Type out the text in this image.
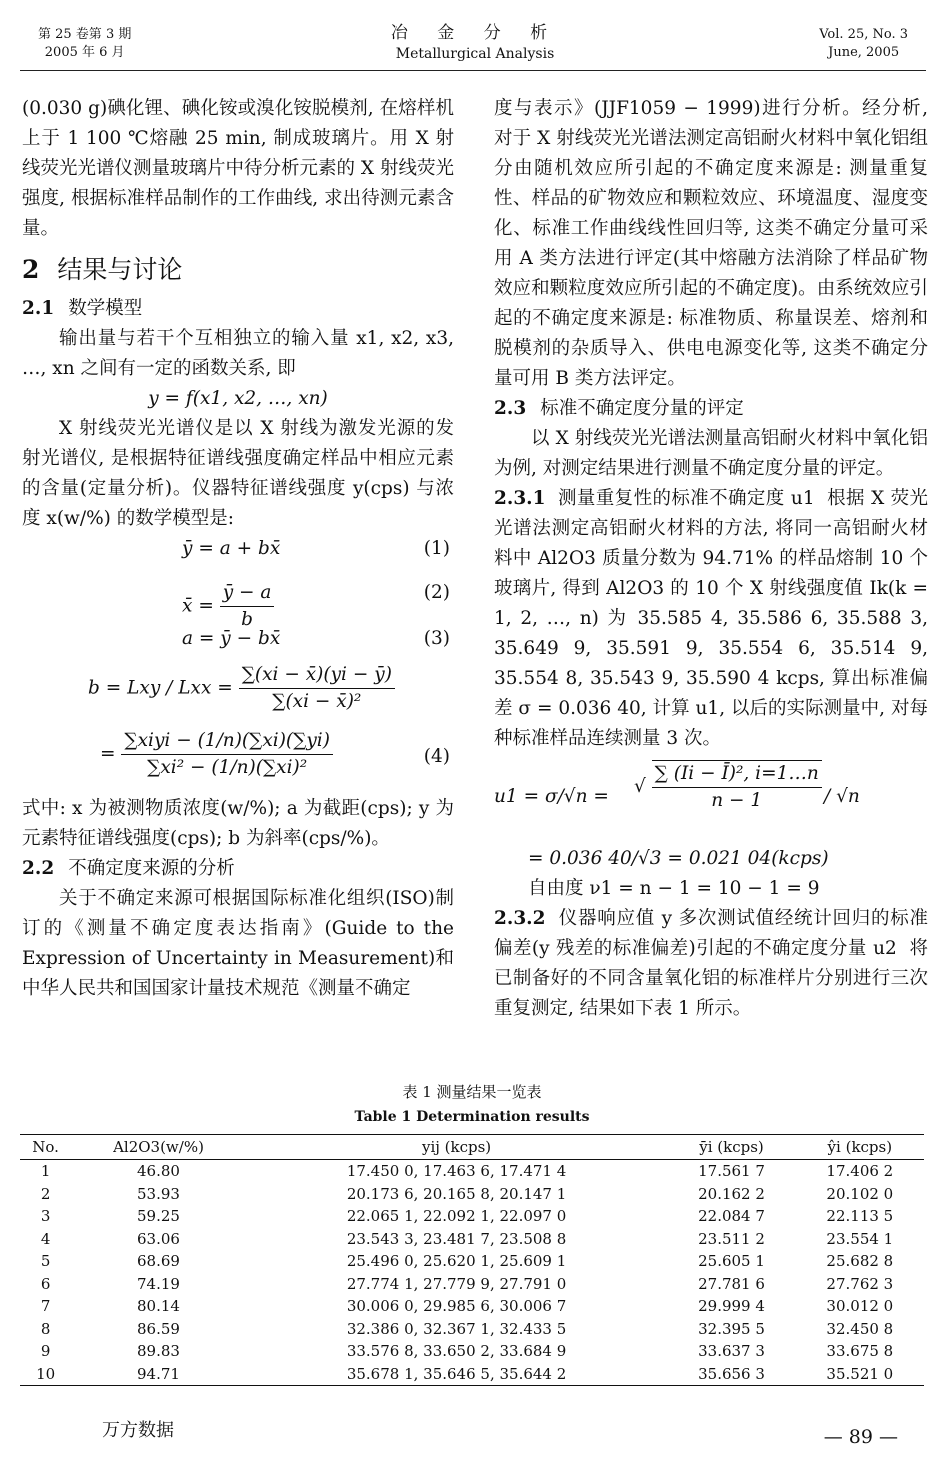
第 25 卷第 3 期
2005 年 6 月
冶 金 分 析
Metallurgical Analysis
Vol. 25, No. 3
June, 2005

(0.030 g)碘化锂、碘化铵或溴化铵脱模剂, 在熔样机上于 1 100 ℃熔融 25 min, 制成玻璃片。用 X 射线荧光光谱仪测量玻璃片中待分析元素的 X 射线荧光强度, 根据标准样品制作的工作曲线, 求出待测元素含量。

2 结果与讨论

2.1 数学模型

输出量与若干个互相独立的输入量 x1, x2, x3, …, xn 之间有一定的函数关系, 即

y = f(x1, x2, …, xn)

X 射线荧光光谱仪是以 X 射线为激发光源的发射光谱仪, 是根据特征谱线强度确定样品中相应元素的含量(定量分析)。仪器特征谱线强度 y(cps) 与浓度 x(w/%) 的数学模型是:

ȳ = a + bx̄	(1)
x̄ = $\frac{ȳ - a}{b}$	(2)
a = ȳ − bx̄	(3)
b = Lxy / Lxx = $\frac{\sum(xi - x̄)(yi - ȳ)}{\text{∑(xi − x̄)²}}$
= $\frac{\text{∑xiyi − (1/n)(∑xi)(∑yi)}}{\text{∑xi² − (1/n)(∑xi)²}}$	(4)

式中: x 为被测物质浓度(w/%); a 为截距(cps); y 为元素特征谱线强度(cps); b 为斜率(cps/%)。

2.2 不确定度来源的分析

关于不确定来源可根据国际标准化组织(ISO)制订的《测量不确定度表达指南》(Guide to the Expression of Uncertainty in Measurement)和中华人民共和国国家计量技术规范《测量不确定

度与表示》(JJF1059 − 1999)进行分析。经分析, 对于 X 射线荧光光谱法测定高铝耐火材料中氧化铝组分由随机效应所引起的不确定度来源是: 测量重复性、样品的矿物效应和颗粒效应、环境温度、湿度变化、标准工作曲线线性回归等, 这类不确定分量可采用 A 类方法进行评定(其中熔融方法消除了样品矿物效应和颗粒度效应所引起的不确定度)。由系统效应引起的不确定度来源是: 标准物质、称量误差、熔剂和脱模剂的杂质导入、供电电源变化等, 这类不确定分量可用 B 类方法评定。

2.3 标准不确定度分量的评定

以 X 射线荧光光谱法测量高铝耐火材料中氧化铝为例, 对测定结果进行测量不确定度分量的评定。

2.3.1 测量重复性的标准不确定度 u1 根据 X 荧光光谱法测定高铝耐火材料的方法, 将同一高铝耐火材料中 Al2O3 质量分数为 94.71% 的样品熔制 10 个玻璃片, 得到 Al2O3 的 10 个 X 射线强度值 Ik(k = 1, 2, …, n) 为 35.585 4, 35.586 6, 35.588 3, 35.649 9, 35.591 9, 35.554 6, 35.514 9, 35.554 8, 35.543 9, 35.590 4 kcps, 算出标准偏差 σ = 0.036 40, 计算 u1, 以后的实际测量中, 对每种标准样品连续测量 3 次。

u1 = σ/√n = √ $\frac{\text{∑ (Ii − Ī)², i=1…n}}{n - 1} / √n$

= 0.036 40/√3 = 0.021 04(kcps)

自由度 ν1 = n − 1 = 10 − 1 = 9

2.3.2 仪器响应值 y 多次测试值经统计回归的标准偏差(y 残差的标准偏差)引起的不确定度分量 u2 将已制备好的不同含量氧化铝的标准样片分别进行三次重复测定, 结果如下表 1 所示。

表 1 测量结果一览表
Table 1 Determination results
No.	Al2O3(w/%)	yij (kcps)	ȳi (kcps)	ŷi (kcps)
1	46.80	17.450 0, 17.463 6, 17.471 4	17.561 7	17.406 2
2	53.93	20.173 6, 20.165 8, 20.147 1	20.162 2	20.102 0
3	59.25	22.065 1, 22.092 1, 22.097 0	22.084 7	22.113 5
4	63.06	23.543 3, 23.481 7, 23.508 8	23.511 2	23.554 1
5	68.69	25.496 0, 25.620 1, 25.609 1	25.605 1	25.682 8
6	74.19	27.774 1, 27.779 9, 27.791 0	27.781 6	27.762 3
7	80.14	30.006 0, 29.985 6, 30.006 7	29.999 4	30.012 0
8	86.59	32.386 0, 32.367 1, 32.433 5	32.395 5	32.450 8
9	89.83	33.576 8, 33.650 2, 33.684 9	33.637 3	33.675 8
10	94.71	35.678 1, 35.646 5, 35.644 2	35.656 3	35.521 0
万方数据	— 89 —
